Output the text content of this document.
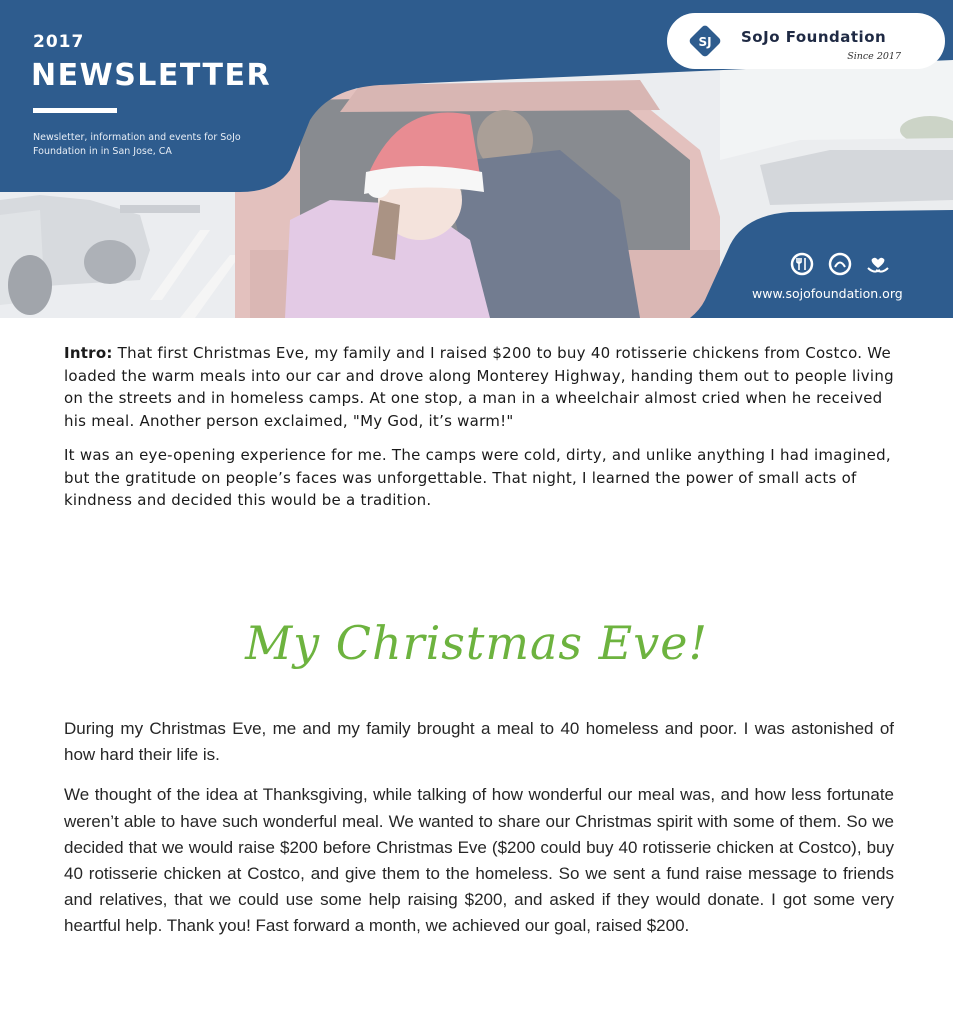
2017
NEWSLETTER
Newsletter, information and events for SoJo Foundation in in San Jose, CA
SJ SoJo Foundation
Since 2017
www.sojofoundation.org

Intro: That first Christmas Eve, my family and I raised $200 to buy 40 rotisserie chickens from Costco. We loaded the warm meals into our car and drove along Monterey Highway, handing them out to people living on the streets and in homeless camps. At one stop, a man in a wheelchair almost cried when he received his meal. Another person exclaimed, "My God, it’s warm!"

It was an eye-opening experience for me. The camps were cold, dirty, and unlike anything I had imagined, but the gratitude on people’s faces was unforgettable. That night, I learned the power of small acts of kindness and decided this would be a tradition.

My Christmas Eve!

During my Christmas Eve, me and my family brought a meal to 40 homeless and poor. I was astonished of how hard their life is.

We thought of the idea at Thanksgiving, while talking of how wonderful our meal was, and how less fortunate weren’t able to have such wonderful meal. We wanted to share our Christmas spirit with some of them. So we decided that we would raise $200 before Christmas Eve ($200 could buy 40 rotisserie chicken at Costco), buy 40 rotisserie chicken at Costco, and give them to the homeless. So we sent a fund raise message to friends and relatives, that we could use some help raising $200, and asked if they would donate. I got some very heartful help. Thank you! Fast forward a month, we achieved our goal, raised $200.
